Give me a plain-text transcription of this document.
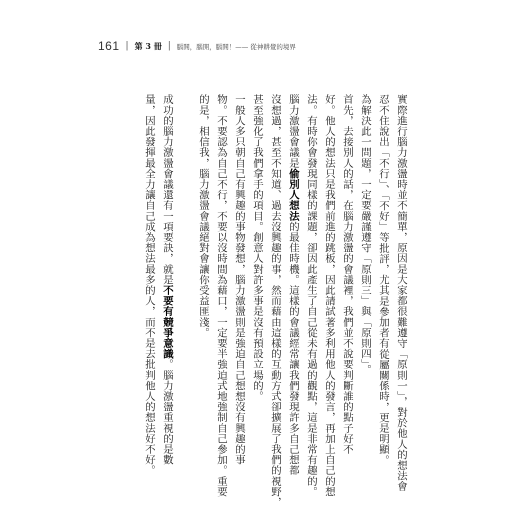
161 | 第 3 冊 | 腦開，腦開，腦開！—— 從神耕覺的境界
實際進行腦力激盪時並不簡單，原因是大家都很難遵守「原則一」，對於他人的想法會
忍不住說出「不行」、「不好」等批評，尤其是參加者有從屬關係時，更是明顯。
為解決此一問題，一定要嚴謹遵守「原則三」與「原則四」。
首先，去接別人的話，在腦力激盪的會議裡，我們並不說要判斷誰的點子好不
好。他人的想法只是我們前進的跳板，因此請試著多利用他人的發言，再加上自己的想
法。有時你會發現同樣的課題，卻因此產生了自己從未有過的觀點，這是非常有趣的。
腦力激盪會議是偷別人想法的最佳時機。這樣的會議經常讓我們發現許多自己想都
沒想過，甚至不知道、過去沒興趣的事，然而藉由這樣的互動方式卻擴展了我們的視野，
甚至強化了我們拿手的項目。創意人對許多事是沒有預設立場的。
一般人多只朝自己有興趣的事物發想，腦力激盪則是強迫自己想想沒有興趣的事
物。不要認為自己不行，不要以沒時間為藉口，一定要半強迫式地強制自己參加。重要
的是，相信我，腦力激盪會議絕對會讓你受益匪淺。
成功的腦力激盪會議還有一項要訣，就是不要有競爭意識。腦力激盪重視的是數
量，因此發揮最全力讓自己成為想法最多的人，而不是去批判他人的想法好不好。
